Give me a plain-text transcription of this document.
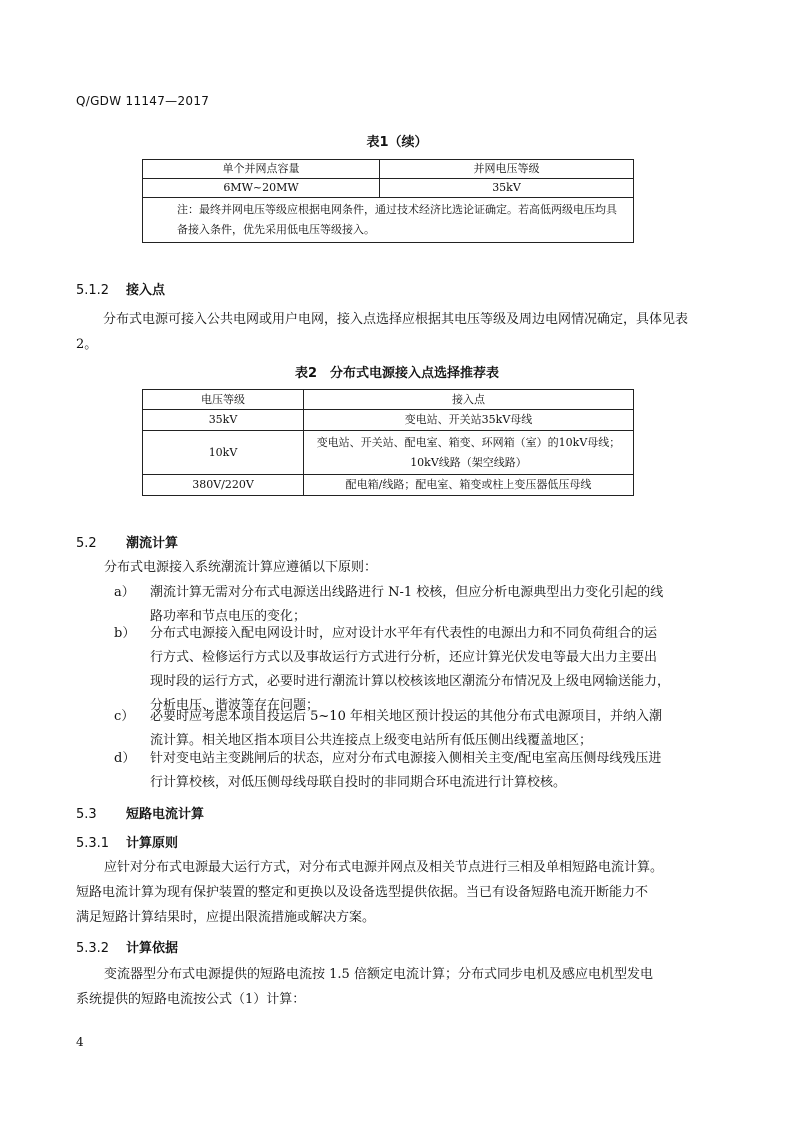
Q/GDW 11147—2017
表1（续）
单个并网点容量	并网电压等级
6MW~20MW	35kV
注：最终并网电压等级应根据电网条件，通过技术经济比选论证确定。若高低两级电压均具备接入条件，优先采用低电压等级接入。	
5.1.2 接入点
分布式电源可接入公共电网或用户电网，接入点选择应根据其电压等级及周边电网情况确定，具体见表 2。
表2　分布式电源接入点选择推荐表
电压等级	接入点
35kV	变电站、开关站35kV母线
10kV	变电站、开关站、配电室、箱变、环网箱（室）的10kV母线；
10kV线路（架空线路）

380V/220V	配电箱/线路；配电室、箱变或柱上变压器低压母线
5.2 潮流计算
分布式电源接入系统潮流计算应遵循以下原则：
a） 潮流计算无需对分布式电源送出线路进行 N-1 校核，但应分析电源典型出力变化引起的线
路功率和节点电压的变化；
b） 分布式电源接入配电网设计时，应对设计水平年有代表性的电源出力和不同负荷组合的运
行方式、检修运行方式以及事故运行方式进行分析，还应计算光伏发电等最大出力主要出
现时段的运行方式，必要时进行潮流计算以校核该地区潮流分布情况及上级电网输送能力，
分析电压、谐波等存在问题；
c） 必要时应考虑本项目投运后 5~10 年相关地区预计投运的其他分布式电源项目，并纳入潮
流计算。相关地区指本项目公共连接点上级变电站所有低压侧出线覆盖地区；
d） 针对变电站主变跳闸后的状态，应对分布式电源接入侧相关主变/配电室高压侧母线残压进
行计算校核，对低压侧母线母联自投时的非同期合环电流进行计算校核。
5.3 短路电流计算
5.3.1 计算原则
应针对分布式电源最大运行方式，对分布式电源并网点及相关节点进行三相及单相短路电流计算。
短路电流计算为现有保护装置的整定和更换以及设备选型提供依据。当已有设备短路电流开断能力不
满足短路计算结果时，应提出限流措施或解决方案。
5.3.2 计算依据
变流器型分布式电源提供的短路电流按 1.5 倍额定电流计算；分布式同步电机及感应电机型发电
系统提供的短路电流按公式（1）计算：
4
